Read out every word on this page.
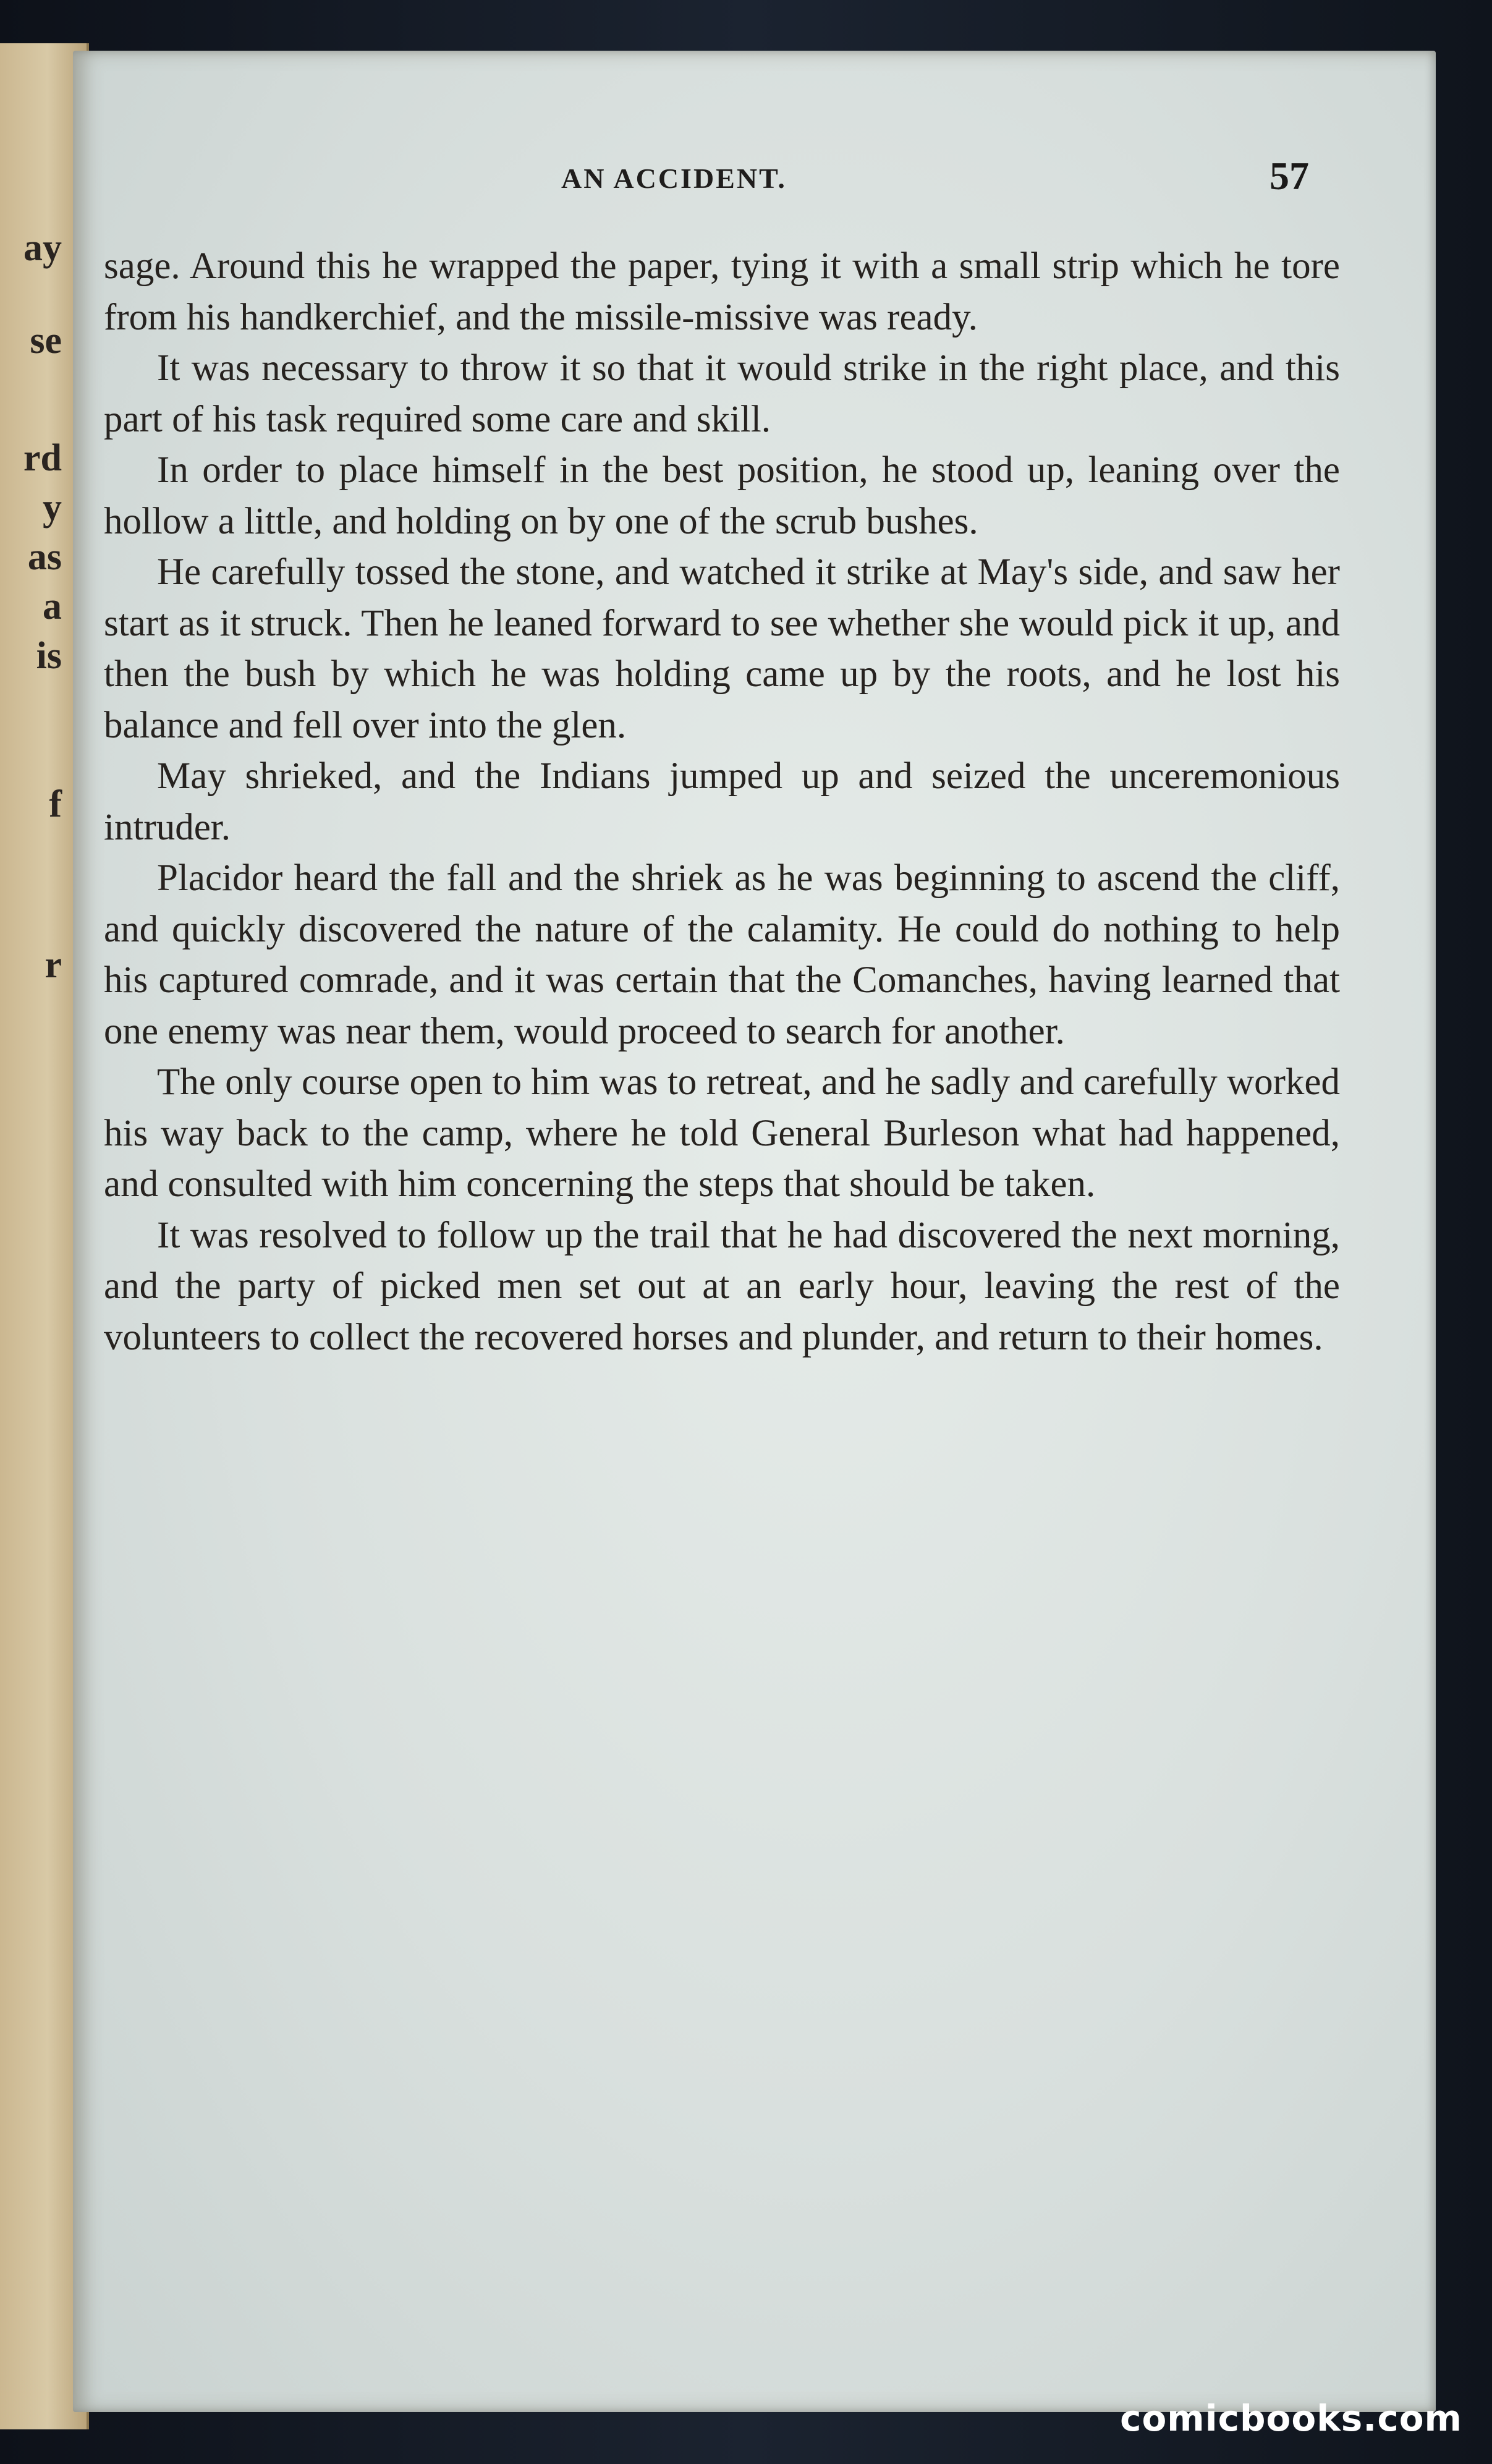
ay
se
rd
y
as
a
is
f
r
AN ACCIDENT.	57

sage. Around this he wrapped the paper, tying it with a small strip which he tore from his handkerchief, and the missile-missive was ready.

It was necessary to throw it so that it would strike in the right place, and this part of his task required some care and skill.

In order to place himself in the best position, he stood up, leaning over the hollow a little, and holding on by one of the scrub bushes.

He carefully tossed the stone, and watched it strike at May's side, and saw her start as it struck. Then he leaned forward to see whether she would pick it up, and then the bush by which he was holding came up by the roots, and he lost his balance and fell over into the glen.

May shrieked, and the Indians jumped up and seized the unceremonious intruder.

Placidor heard the fall and the shriek as he was beginning to ascend the cliff, and quickly discovered the nature of the calamity. He could do nothing to help his captured comrade, and it was certain that the Comanches, having learned that one enemy was near them, would proceed to search for another.

The only course open to him was to retreat, and he sadly and carefully worked his way back to the camp, where he told General Burleson what had happened, and consulted with him concerning the steps that should be taken.

It was resolved to follow up the trail that he had discovered the next morning, and the party of picked men set out at an early hour, leaving the rest of the volunteers to collect the recovered horses and plunder, and return to their homes.

comicbooks.com
